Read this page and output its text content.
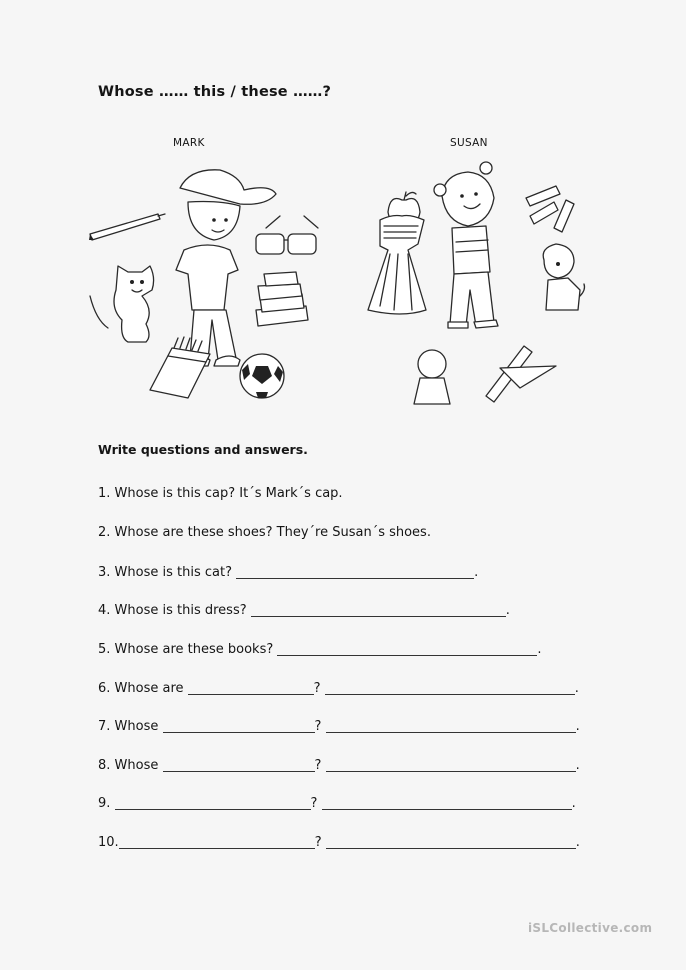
Whose …… this / these ……?
MARK	SUSAN
Write questions and answers.
1. Whose is this cap? It´s Mark´s cap.
2. Whose are these shoes? They´re Susan´s shoes.
3. Whose is this cat?	.
4. Whose is this dress?	.
5. Whose are these books?	.
6. Whose are	?	.
7. Whose	?	.
8. Whose	?	.
9.	?	.
10.	?	.
iSLCollective.com
